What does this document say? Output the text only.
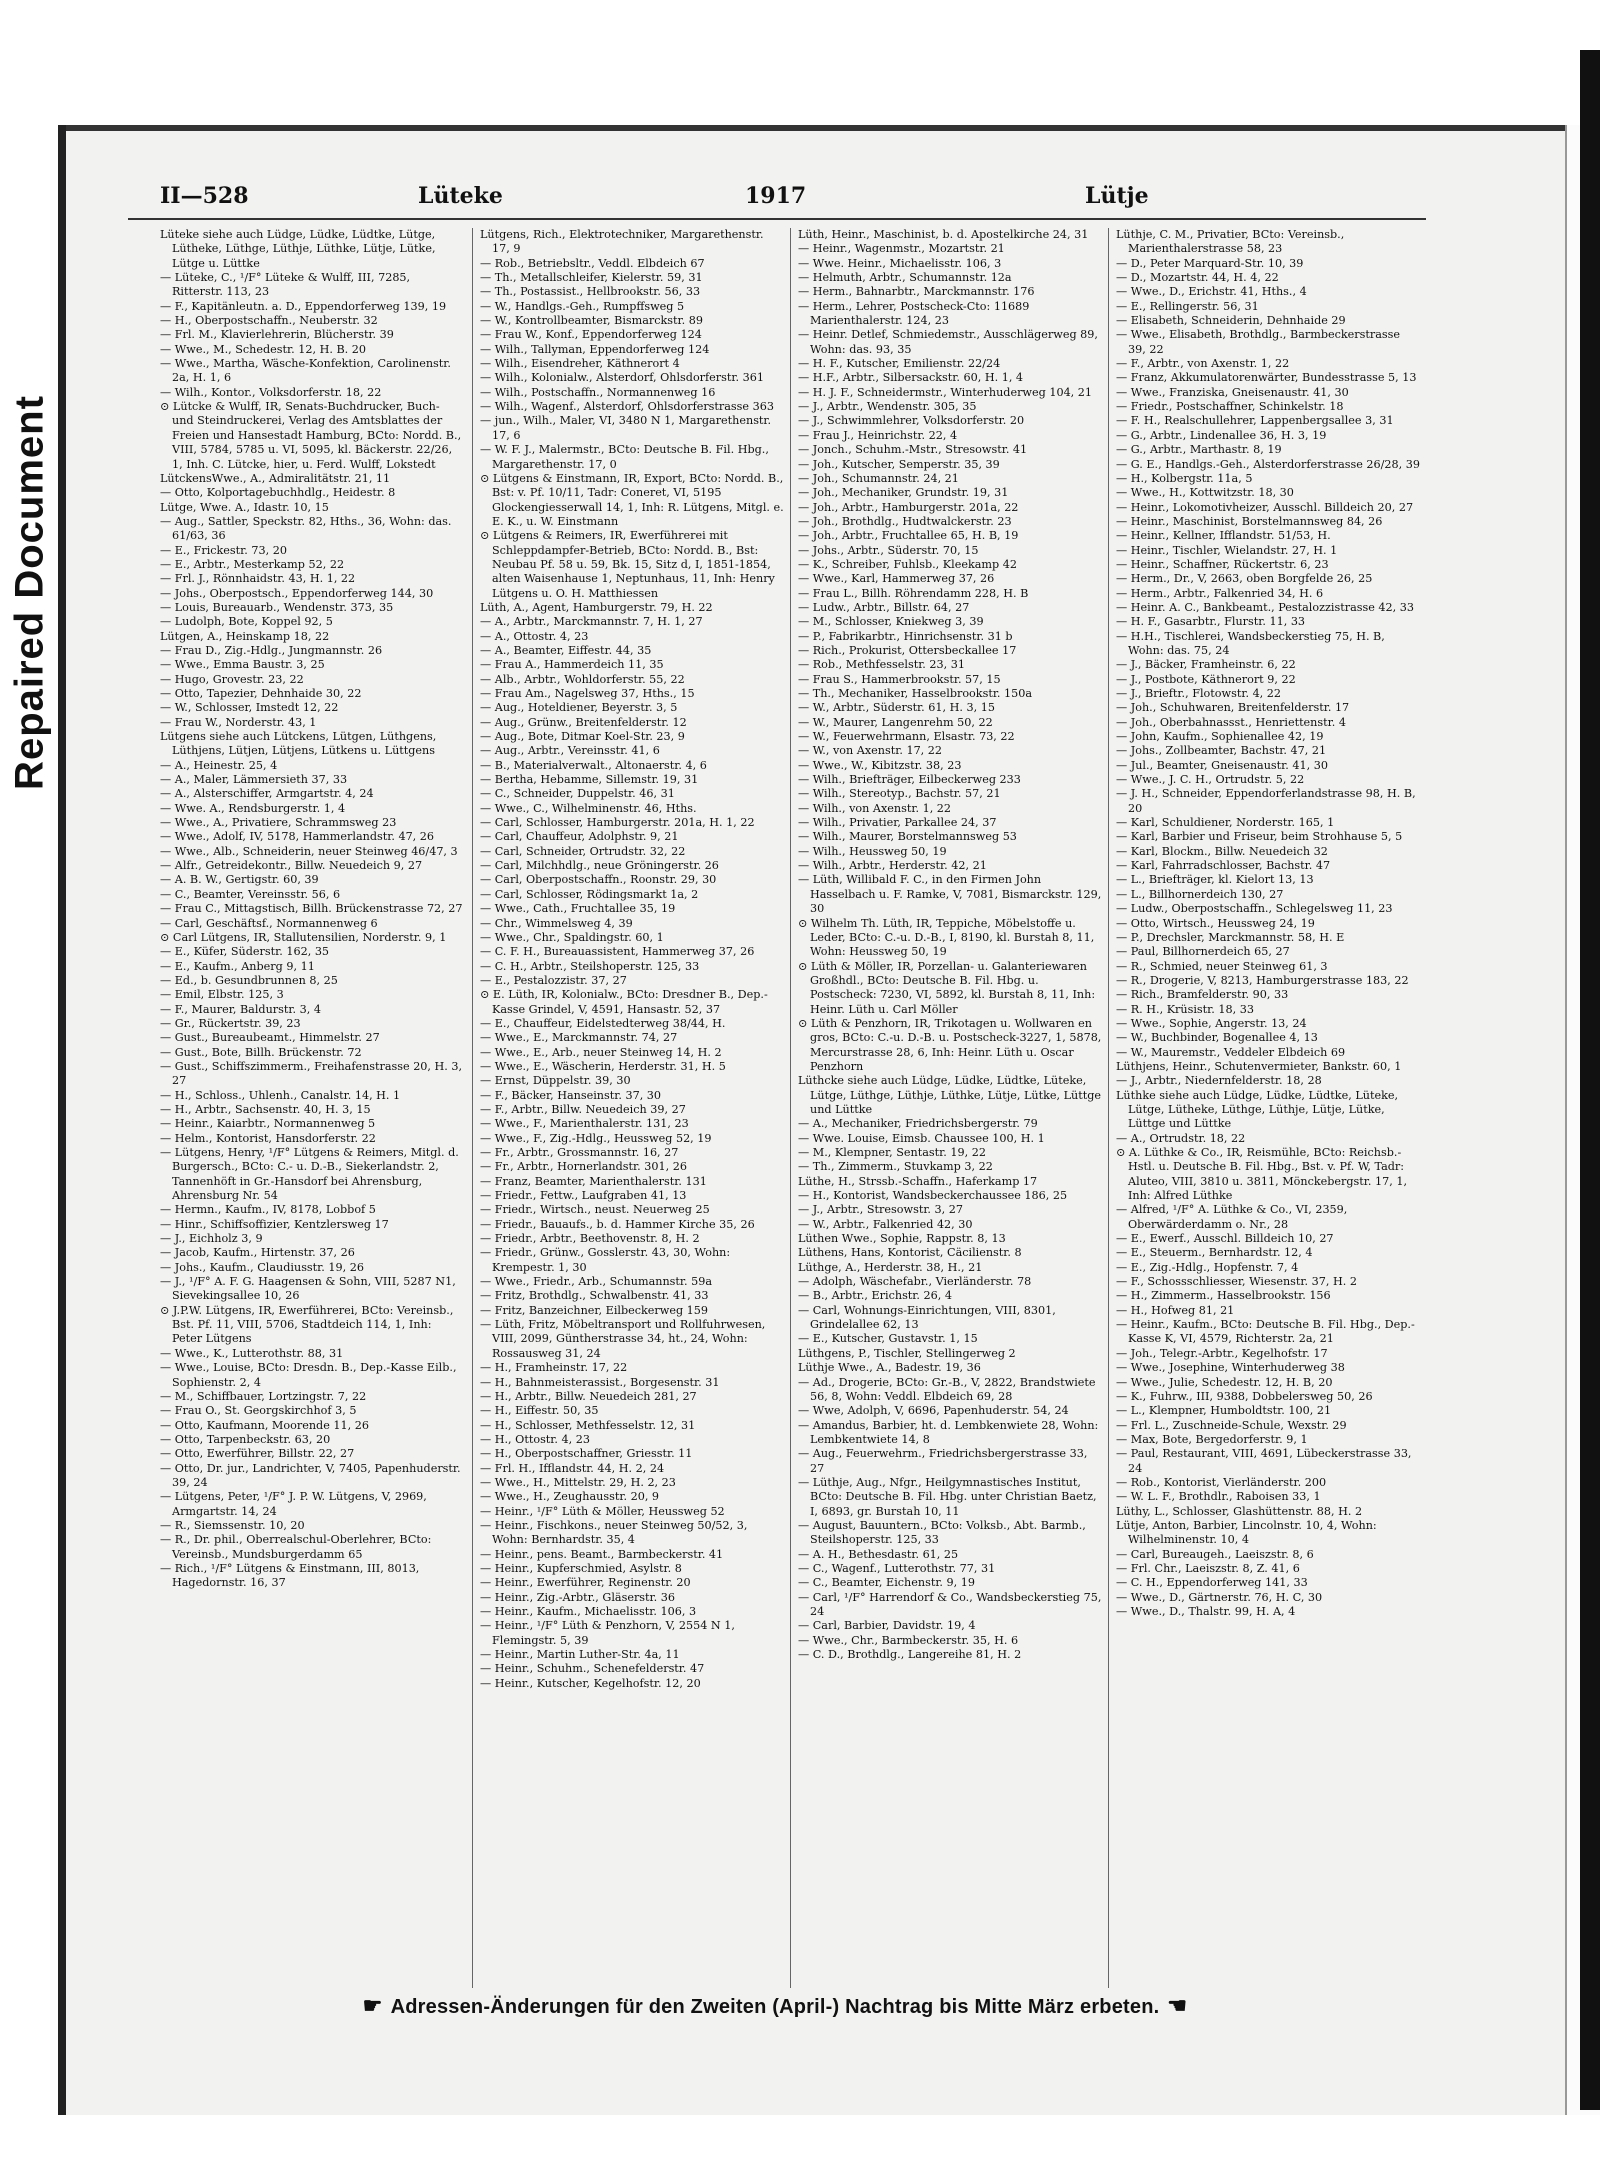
Repaired Document
II—528	Lüteke	1917	Lütje

Lüteke siehe auch Lüdge, Lüdke, Lüdtke, Lütge, Lütheke, Lüthge, Lüthje, Lüthke, Lütje, Lütke, Lütge u. Lüttke

— Lüteke, C., ¹/F° Lüteke & Wulff, III, 7285, Ritterstr. 113, 23

— F., Kapitänleutn. a. D., Eppendorferweg 139, 19

— H., Oberpostschaffn., Neuberstr. 32

— Frl. M., Klavierlehrerin, Blücherstr. 39

— Wwe., M., Schedestr. 12, H. B. 20

— Wwe., Martha, Wäsche-Konfektion, Carolinenstr. 2a, H. 1, 6

— Wilh., Kontor., Volksdorferstr. 18, 22

⊙ Lütcke & Wulff, IR, Senats-Buchdrucker, Buch- und Steindruckerei, Verlag des Amtsblattes der Freien und Hansestadt Hamburg, BCto: Nordd. B., VIII, 5784, 5785 u. VI, 5095, kl. Bäckerstr. 22/26, 1, Inh. C. Lütcke, hier, u. Ferd. Wulff, Lokstedt

LütckensWwe., A., Admiralitätstr. 21, 11

— Otto, Kolportagebuchhdlg., Heidestr. 8

Lütge, Wwe. A., Idastr. 10, 15

— Aug., Sattler, Speckstr. 82, Hths., 36, Wohn: das. 61/63, 36

— E., Frickestr. 73, 20

— E., Arbtr., Mesterkamp 52, 22

— Frl. J., Rönnhaidstr. 43, H. 1, 22

— Johs., Oberpostsch., Eppendorferweg 144, 30

— Louis, Bureauarb., Wendenstr. 373, 35

— Ludolph, Bote, Koppel 92, 5

Lütgen, A., Heinskamp 18, 22

— Frau D., Zig.-Hdlg., Jungmannstr. 26

— Wwe., Emma Baustr. 3, 25

— Hugo, Grovestr. 23, 22

— Otto, Tapezier, Dehnhaide 30, 22

— W., Schlosser, Imstedt 12, 22

— Frau W., Norderstr. 43, 1

Lütgens siehe auch Lütckens, Lütgen, Lüthgens, Lüthjens, Lütjen, Lütjens, Lütkens u. Lüttgens

— A., Heinestr. 25, 4

— A., Maler, Lämmersieth 37, 33

— A., Alsterschiffer, Armgartstr. 4, 24

— Wwe. A., Rendsburgerstr. 1, 4

— Wwe., A., Privatiere, Schrammsweg 23

— Wwe., Adolf, IV, 5178, Hammerlandstr. 47, 26

— Wwe., Alb., Schneiderin, neuer Steinweg 46/47, 3

— Alfr., Getreidekontr., Billw. Neuedeich 9, 27

— A. B. W., Gertigstr. 60, 39

— C., Beamter, Vereinsstr. 56, 6

— Frau C., Mittagstisch, Billh. Brückenstrasse 72, 27

— Carl, Geschäftsf., Normannenweg 6

⊙ Carl Lütgens, IR, Stallutensilien, Norderstr. 9, 1

— E., Küfer, Süderstr. 162, 35

— E., Kaufm., Anberg 9, 11

— Ed., b. Gesundbrunnen 8, 25

— Emil, Elbstr. 125, 3

— F., Maurer, Baldurstr. 3, 4

— Gr., Rückertstr. 39, 23

— Gust., Bureaubeamt., Himmelstr. 27

— Gust., Bote, Billh. Brückenstr. 72

— Gust., Schiffszimmerm., Freihafenstrasse 20, H. 3, 27

— H., Schloss., Uhlenh., Canalstr. 14, H. 1

— H., Arbtr., Sachsenstr. 40, H. 3, 15

— Heinr., Kaiarbtr., Normannenweg 5

— Helm., Kontorist, Hansdorferstr. 22

— Lütgens, Henry, ¹/F° Lütgens & Reimers, Mitgl. d. Burgersch., BCto: C.- u. D.-B., Siekerlandstr. 2, Tannenhöft in Gr.-Hansdorf bei Ahrensburg, Ahrensburg Nr. 54

— Hermn., Kaufm., IV, 8178, Lobbof 5

— Hinr., Schiffsoffizier, Kentzlersweg 17

— J., Eichholz 3, 9

— Jacob, Kaufm., Hirtenstr. 37, 26

— Johs., Kaufm., Claudiusstr. 19, 26

— J., ¹/F° A. F. G. Haagensen & Sohn, VIII, 5287 N1, Sievekingsallee 10, 26

⊙ J.P.W. Lütgens, IR, Ewerführerei, BCto: Vereinsb., Bst. Pf. 11, VIII, 5706, Stadtdeich 114, 1, Inh: Peter Lütgens

— Wwe., K., Lutterothstr. 88, 31

— Wwe., Louise, BCto: Dresdn. B., Dep.-Kasse Eilb., Sophienstr. 2, 4

— M., Schiffbauer, Lortzingstr. 7, 22

— Frau O., St. Georgskirchhof 3, 5

— Otto, Kaufmann, Moorende 11, 26

— Otto, Tarpenbeckstr. 63, 20

— Otto, Ewerführer, Billstr. 22, 27

— Otto, Dr. jur., Landrichter, V, 7405, Papenhuderstr. 39, 24

— Lütgens, Peter, ¹/F° J. P. W. Lütgens, V, 2969, Armgartstr. 14, 24

— R., Siemssenstr. 10, 20

— R., Dr. phil., Oberrealschul-Oberlehrer, BCto: Vereinsb., Mundsburgerdamm 65

— Rich., ¹/F° Lütgens & Einstmann, III, 8013, Hagedornstr. 16, 37

Lütgens, Rich., Elektrotechniker, Margarethenstr. 17, 9

— Rob., Betriebsltr., Veddl. Elbdeich 67

— Th., Metallschleifer, Kielerstr. 59, 31

— Th., Postassist., Hellbrookstr. 56, 33

— W., Handlgs.-Geh., Rumpffsweg 5

— W., Kontrollbeamter, Bismarckstr. 89

— Frau W., Konf., Eppendorferweg 124

— Wilh., Tallyman, Eppendorferweg 124

— Wilh., Eisendreher, Käthnerort 4

— Wilh., Kolonialw., Alsterdorf, Ohlsdorferstr. 361

— Wilh., Postschaffn., Normannenweg 16

— Wilh., Wagenf., Alsterdorf, Ohlsdorferstrasse 363

— jun., Wilh., Maler, VI, 3480 N 1, Margarethenstr. 17, 6

— W. F. J., Malermstr., BCto: Deutsche B. Fil. Hbg., Margarethenstr. 17, 0

⊙ Lütgens & Einstmann, IR, Export, BCto: Nordd. B., Bst: v. Pf. 10/11, Tadr: Coneret, VI, 5195 Glockengiesserwall 14, 1, Inh: R. Lütgens, Mitgl. e. E. K., u. W. Einstmann

⊙ Lütgens & Reimers, IR, Ewerführerei mit Schleppdampfer-Betrieb, BCto: Nordd. B., Bst: Neubau Pf. 58 u. 59, Bk. 15, Sitz d, I, 1851-1854, alten Waisenhause 1, Neptunhaus, 11, Inh: Henry Lütgens u. O. H. Matthiessen

Lüth, A., Agent, Hamburgerstr. 79, H. 22

— A., Arbtr., Marckmannstr. 7, H. 1, 27

— A., Ottostr. 4, 23

— A., Beamter, Eiffestr. 44, 35

— Frau A., Hammerdeich 11, 35

— Alb., Arbtr., Wohldorferstr. 55, 22

— Frau Am., Nagelsweg 37, Hths., 15

— Aug., Hoteldiener, Beyerstr. 3, 5

— Aug., Grünw., Breitenfelderstr. 12

— Aug., Bote, Ditmar Koel-Str. 23, 9

— Aug., Arbtr., Vereinsstr. 41, 6

— B., Materialverwalt., Altonaerstr. 4, 6

— Bertha, Hebamme, Sillemstr. 19, 31

— C., Schneider, Duppelstr. 46, 31

— Wwe., C., Wilhelminenstr. 46, Hths.

— Carl, Schlosser, Hamburgerstr. 201a, H. 1, 22

— Carl, Chauffeur, Adolphstr. 9, 21

— Carl, Schneider, Ortrudstr. 32, 22

— Carl, Milchhdlg., neue Gröningerstr. 26

— Carl, Oberpostschaffn., Roonstr. 29, 30

— Carl, Schlosser, Rödingsmarkt 1a, 2

— Wwe., Cath., Fruchtallee 35, 19

— Chr., Wimmelsweg 4, 39

— Wwe., Chr., Spaldingstr. 60, 1

— C. F. H., Bureauassistent, Hammerweg 37, 26

— C. H., Arbtr., Steilshoperstr. 125, 33

— E., Pestalozzistr. 37, 27

⊙ E. Lüth, IR, Kolonialw., BCto: Dresdner B., Dep.-Kasse Grindel, V, 4591, Hansastr. 52, 37

— E., Chauffeur, Eidelstedterweg 38/44, H.

— Wwe., E., Marckmannstr. 74, 27

— Wwe., E., Arb., neuer Steinweg 14, H. 2

— Wwe., E., Wäscherin, Herderstr. 31, H. 5

— Ernst, Düppelstr. 39, 30

— F., Bäcker, Hanseinstr. 37, 30

— F., Arbtr., Billw. Neuedeich 39, 27

— Wwe., F., Marienthalerstr. 131, 23

— Wwe., F., Zig.-Hdlg., Heussweg 52, 19

— Fr., Arbtr., Grossmannstr. 16, 27

— Fr., Arbtr., Hornerlandstr. 301, 26

— Franz, Beamter, Marienthalerstr. 131

— Friedr., Fettw., Laufgraben 41, 13

— Friedr., Wirtsch., neust. Neuerweg 25

— Friedr., Bauaufs., b. d. Hammer Kirche 35, 26

— Friedr., Arbtr., Beethovenstr. 8, H. 2

— Friedr., Grünw., Gosslerstr. 43, 30, Wohn: Krempestr. 1, 30

— Wwe., Friedr., Arb., Schumannstr. 59a

— Fritz, Brothdlg., Schwalbenstr. 41, 33

— Fritz, Banzeichner, Eilbeckerweg 159

— Lüth, Fritz, Möbeltransport und Rollfuhrwesen, VIII, 2099, Güntherstrasse 34, ht., 24, Wohn: Rossausweg 31, 24

— H., Framheinstr. 17, 22

— H., Bahnmeisterassist., Borgesenstr. 31

— H., Arbtr., Billw. Neuedeich 281, 27

— H., Eiffestr. 50, 35

— H., Schlosser, Methfesselstr. 12, 31

— H., Ottostr. 4, 23

— H., Oberpostschaffner, Griesstr. 11

— Frl. H., Ifflandstr. 44, H. 2, 24

— Wwe., H., Mittelstr. 29, H. 2, 23

— Wwe., H., Zeughausstr. 20, 9

— Heinr., ¹/F° Lüth & Möller, Heussweg 52

— Heinr., Fischkons., neuer Steinweg 50/52, 3, Wohn: Bernhardstr. 35, 4

— Heinr., pens. Beamt., Barmbeckerstr. 41

— Heinr., Kupferschmied, Asylstr. 8

— Heinr., Ewerführer, Reginenstr. 20

— Heinr., Zig.-Arbtr., Gläserstr. 36

— Heinr., Kaufm., Michaelisstr. 106, 3

— Heinr., ¹/F° Lüth & Penzhorn, V, 2554 N 1, Flemingstr. 5, 39

— Heinr., Martin Luther-Str. 4a, 11

— Heinr., Schuhm., Schenefelderstr. 47

— Heinr., Kutscher, Kegelhofstr. 12, 20

Lüth, Heinr., Maschinist, b. d. Apostelkirche 24, 31

— Heinr., Wagenmstr., Mozartstr. 21

— Wwe. Heinr., Michaelisstr. 106, 3

— Helmuth, Arbtr., Schumannstr. 12a

— Herm., Bahnarbtr., Marckmannstr. 176

— Herm., Lehrer, Postscheck-Cto: 11689 Marienthalerstr. 124, 23

— Heinr. Detlef, Schmiedemstr., Ausschlägerweg 89, Wohn: das. 93, 35

— H. F., Kutscher, Emilienstr. 22/24

— H.F., Arbtr., Silbersackstr. 60, H. 1, 4

— H. J. F., Schneidermstr., Winterhuderweg 104, 21

— J., Arbtr., Wendenstr. 305, 35

— J., Schwimmlehrer, Volksdorferstr. 20

— Frau J., Heinrichstr. 22, 4

— Jonch., Schuhm.-Mstr., Stresowstr. 41

— Joh., Kutscher, Semperstr. 35, 39

— Joh., Schumannstr. 24, 21

— Joh., Mechaniker, Grundstr. 19, 31

— Joh., Arbtr., Hamburgerstr. 201a, 22

— Joh., Brothdlg., Hudtwalckerstr. 23

— Joh., Arbtr., Fruchtallee 65, H. B, 19

— Johs., Arbtr., Süderstr. 70, 15

— K., Schreiber, Fuhlsb., Kleekamp 42

— Wwe., Karl, Hammerweg 37, 26

— Frau L., Billh. Röhrendamm 228, H. B

— Ludw., Arbtr., Billstr. 64, 27

— M., Schlosser, Kniekweg 3, 39

— P., Fabrikarbtr., Hinrichsenstr. 31 b

— Rich., Prokurist, Ottersbeckallee 17

— Rob., Methfesselstr. 23, 31

— Frau S., Hammerbrookstr. 57, 15

— Th., Mechaniker, Hasselbrookstr. 150a

— W., Arbtr., Süderstr. 61, H. 3, 15

— W., Maurer, Langenrehm 50, 22

— W., Feuerwehrmann, Elsastr. 73, 22

— W., von Axenstr. 17, 22

— Wwe., W., Kibitzstr. 38, 23

— Wilh., Briefträger, Eilbeckerweg 233

— Wilh., Stereotyp., Bachstr. 57, 21

— Wilh., von Axenstr. 1, 22

— Wilh., Privatier, Parkallee 24, 37

— Wilh., Maurer, Borstelmannsweg 53

— Wilh., Heussweg 50, 19

— Wilh., Arbtr., Herderstr. 42, 21

— Lüth, Willibald F. C., in den Firmen John Hasselbach u. F. Ramke, V, 7081, Bismarckstr. 129, 30

⊙ Wilhelm Th. Lüth, IR, Teppiche, Möbelstoffe u. Leder, BCto: C.-u. D.-B., I, 8190, kl. Burstah 8, 11, Wohn: Heussweg 50, 19

⊙ Lüth & Möller, IR, Porzellan- u. Galanteriewaren Großhdl., BCto: Deutsche B. Fil. Hbg. u. Postscheck: 7230, VI, 5892, kl. Burstah 8, 11, Inh: Heinr. Lüth u. Carl Möller

⊙ Lüth & Penzhorn, IR, Trikotagen u. Wollwaren en gros, BCto: C.-u. D.-B. u. Postscheck-3227, 1, 5878, Mercurstrasse 28, 6, Inh: Heinr. Lüth u. Oscar Penzhorn

Lüthcke siehe auch Lüdge, Lüdke, Lüdtke, Lüteke, Lütge, Lüthge, Lüthje, Lüthke, Lütje, Lütke, Lüttge und Lüttke

— A., Mechaniker, Friedrichsbergerstr. 79

— Wwe. Louise, Eimsb. Chaussee 100, H. 1

— M., Klempner, Sentastr. 19, 22

— Th., Zimmerm., Stuvkamp 3, 22

Lüthe, H., Strssb.-Schaffn., Haferkamp 17

— H., Kontorist, Wandsbeckerchaussee 186, 25

— J., Arbtr., Stresowstr. 3, 27

— W., Arbtr., Falkenried 42, 30

Lüthen Wwe., Sophie, Rappstr. 8, 13

Lüthens, Hans, Kontorist, Cäcilienstr. 8

Lüthge, A., Herderstr. 38, H., 21

— Adolph, Wäschefabr., Vierländerstr. 78

— B., Arbtr., Erichstr. 26, 4

— Carl, Wohnungs-Einrichtungen, VIII, 8301, Grindelallee 62, 13

— E., Kutscher, Gustavstr. 1, 15

Lüthgens, P., Tischler, Stellingerweg 2

Lüthje Wwe., A., Badestr. 19, 36

— Ad., Drogerie, BCto: Gr.-B., V, 2822, Brandstwiete 56, 8, Wohn: Veddl. Elbdeich 69, 28

— Wwe, Adolph, V, 6696, Papenhuderstr. 54, 24

— Amandus, Barbier, ht. d. Lembkenwiete 28, Wohn: Lembkentwiete 14, 8

— Aug., Feuerwehrm., Friedrichsbergerstrasse 33, 27

— Lüthje, Aug., Nfgr., Heilgymnastisches Institut, BCto: Deutsche B. Fil. Hbg. unter Christian Baetz, I, 6893, gr. Burstah 10, 11

— August, Bauuntern., BCto: Volksb., Abt. Barmb., Steilshoperstr. 125, 33

— A. H., Bethesdastr. 61, 25

— C., Wagenf., Lutterothstr. 77, 31

— C., Beamter, Eichenstr. 9, 19

— Carl, ¹/F° Harrendorf & Co., Wandsbeckerstieg 75, 24

— Carl, Barbier, Davidstr. 19, 4

— Wwe., Chr., Barmbeckerstr. 35, H. 6

— C. D., Brothdlg., Langereihe 81, H. 2

Lüthje, C. M., Privatier, BCto: Vereinsb., Marienthalerstrasse 58, 23

— D., Peter Marquard-Str. 10, 39

— D., Mozartstr. 44, H. 4, 22

— Wwe., D., Erichstr. 41, Hths., 4

— E., Rellingerstr. 56, 31

— Elisabeth, Schneiderin, Dehnhaide 29

— Wwe., Elisabeth, Brothdlg., Barmbeckerstrasse 39, 22

— F., Arbtr., von Axenstr. 1, 22

— Franz, Akkumulatorenwärter, Bundesstrasse 5, 13

— Wwe., Franziska, Gneisenaustr. 41, 30

— Friedr., Postschaffner, Schinkelstr. 18

— F. H., Realschullehrer, Lappenbergsallee 3, 31

— G., Arbtr., Lindenallee 36, H. 3, 19

— G., Arbtr., Marthastr. 8, 19

— G. E., Handlgs.-Geh., Alsterdorferstrasse 26/28, 39

— H., Kolbergstr. 11a, 5

— Wwe., H., Kottwitzstr. 18, 30

— Heinr., Lokomotivheizer, Ausschl. Billdeich 20, 27

— Heinr., Maschinist, Borstelmannsweg 84, 26

— Heinr., Kellner, Ifflandstr. 51/53, H.

— Heinr., Tischler, Wielandstr. 27, H. 1

— Heinr., Schaffner, Rückertstr. 6, 23

— Herm., Dr., V, 2663, oben Borgfelde 26, 25

— Herm., Arbtr., Falkenried 34, H. 6

— Heinr. A. C., Bankbeamt., Pestalozzistrasse 42, 33

— H. F., Gasarbtr., Flurstr. 11, 33

— H.H., Tischlerei, Wandsbeckerstieg 75, H. B, Wohn: das. 75, 24

— J., Bäcker, Framheinstr. 6, 22

— J., Postbote, Käthnerort 9, 22

— J., Brieftr., Flotowstr. 4, 22

— Joh., Schuhwaren, Breitenfelderstr. 17

— Joh., Oberbahnassst., Henriettenstr. 4

— John, Kaufm., Sophienallee 42, 19

— Johs., Zollbeamter, Bachstr. 47, 21

— Jul., Beamter, Gneisenaustr. 41, 30

— Wwe., J. C. H., Ortrudstr. 5, 22

— J. H., Schneider, Eppendorferlandstrasse 98, H. B, 20

— Karl, Schuldiener, Norderstr. 165, 1

— Karl, Barbier und Friseur, beim Strohhause 5, 5

— Karl, Blockm., Billw. Neuedeich 32

— Karl, Fahrradschlosser, Bachstr. 47

— L., Briefträger, kl. Kielort 13, 13

— L., Billhornerdeich 130, 27

— Ludw., Oberpostschaffn., Schlegelsweg 11, 23

— Otto, Wirtsch., Heussweg 24, 19

— P., Drechsler, Marckmannstr. 58, H. E

— Paul, Billhornerdeich 65, 27

— R., Schmied, neuer Steinweg 61, 3

— R., Drogerie, V, 8213, Hamburgerstrasse 183, 22

— Rich., Bramfelderstr. 90, 33

— R. H., Krüsistr. 18, 33

— Wwe., Sophie, Angerstr. 13, 24

— W., Buchbinder, Bogenallee 4, 13

— W., Mauremstr., Veddeler Elbdeich 69

Lüthjens, Heinr., Schutenvermieter, Bankstr. 60, 1

— J., Arbtr., Niedernfelderstr. 18, 28

Lüthke siehe auch Lüdge, Lüdke, Lüdtke, Lüteke, Lütge, Lütheke, Lüthge, Lüthje, Lütje, Lütke, Lüttge und Lüttke

— A., Ortrudstr. 18, 22

⊙ A. Lüthke & Co., IR, Reismühle, BCto: Reichsb.-Hstl. u. Deutsche B. Fil. Hbg., Bst. v. Pf. W, Tadr: Aluteo, VIII, 3810 u. 3811, Mönckebergstr. 17, 1, Inh: Alfred Lüthke

— Alfred, ¹/F° A. Lüthke & Co., VI, 2359, Oberwärderdamm o. Nr., 28

— E., Ewerf., Ausschl. Billdeich 10, 27

— E., Steuerm., Bernhardstr. 12, 4

— E., Zig.-Hdlg., Hopfenstr. 7, 4

— F., Schossschliesser, Wiesenstr. 37, H. 2

— H., Zimmerm., Hasselbrookstr. 156

— H., Hofweg 81, 21

— Heinr., Kaufm., BCto: Deutsche B. Fil. Hbg., Dep.-Kasse K, VI, 4579, Richterstr. 2a, 21

— Joh., Telegr.-Arbtr., Kegelhofstr. 17

— Wwe., Josephine, Winterhuderweg 38

— Wwe., Julie, Schedestr. 12, H. B, 20

— K., Fuhrw., III, 9388, Dobbelersweg 50, 26

— L., Klempner, Humboldtstr. 100, 21

— Frl. L., Zuschneide-Schule, Wexstr. 29

— Max, Bote, Bergedorferstr. 9, 1

— Paul, Restaurant, VIII, 4691, Lübeckerstrasse 33, 24

— Rob., Kontorist, Vierländerstr. 200

— W. L. F., Brothdlr., Raboisen 33, 1

Lüthy, L., Schlosser, Glashüttenstr. 88, H. 2

Lütje, Anton, Barbier, Lincolnstr. 10, 4, Wohn: Wilhelminenstr. 10, 4

— Carl, Bureaugeh., Laeiszstr. 8, 6

— Frl. Chr., Laeiszstr. 8, Z. 41, 6

— C. H., Eppendorferweg 141, 33

— Wwe., D., Gärtnerstr. 76, H. C, 30

— Wwe., D., Thalstr. 99, H. A, 4

☛ Adressen-Änderungen für den Zweiten (April-) Nachtrag bis Mitte März erbeten. ☛
